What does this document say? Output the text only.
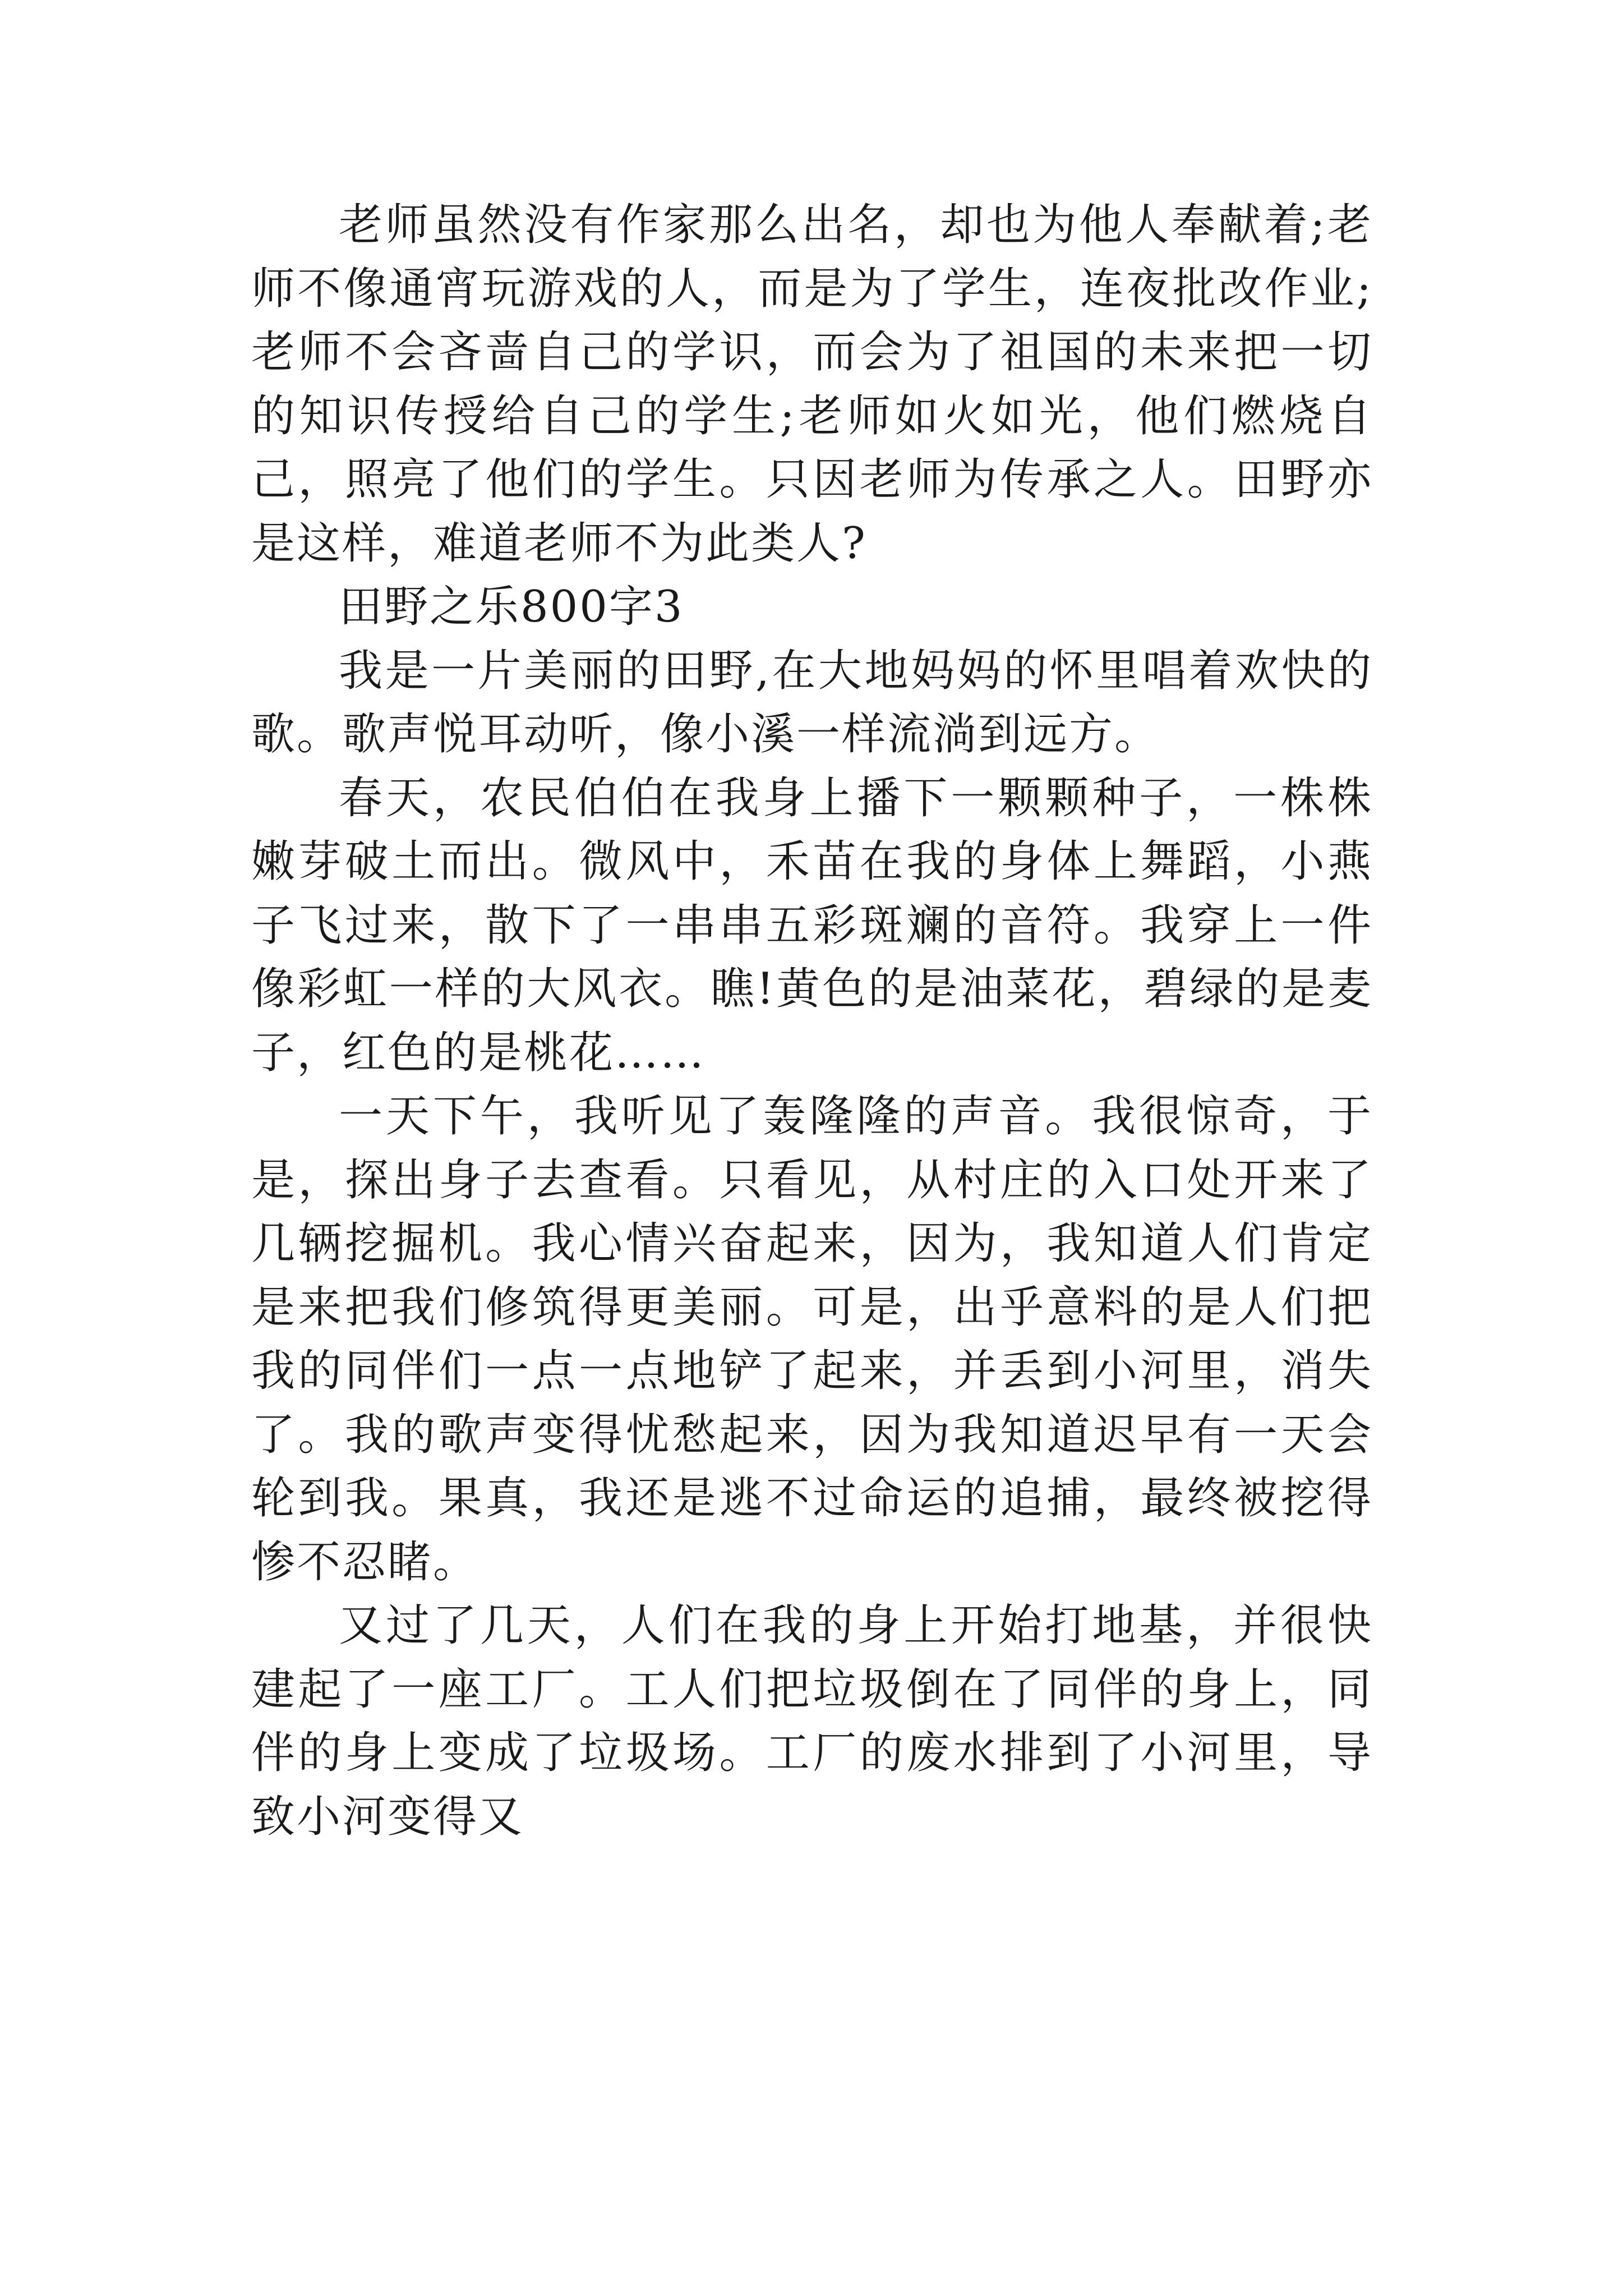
老师虽然没有作家那么出名，却也为他人奉献着;老师不像通宵玩游戏的人，而是为了学生，连夜批改作业;老师不会吝啬自己的学识，而会为了祖国的未来把一切的知识传授给自己的学生;老师如火如光，他们燃烧自己，照亮了他们的学生。只因老师为传承之人。田野亦是这样，难道老师不为此类人?

田野之乐800字3

我是一片美丽的田野,在大地妈妈的怀里唱着欢快的歌。歌声悦耳动听，像小溪一样流淌到远方。

春天，农民伯伯在我身上播下一颗颗种子，一株株嫩芽破土而出。微风中，禾苗在我的身体上舞蹈，小燕子飞过来，散下了一串串五彩斑斓的音符。我穿上一件像彩虹一样的大风衣。瞧!黄色的是油菜花，碧绿的是麦子，红色的是桃花……

一天下午，我听见了轰隆隆的声音。我很惊奇，于是，探出身子去查看。只看见，从村庄的入口处开来了几辆挖掘机。我心情兴奋起来，因为，我知道人们肯定是来把我们修筑得更美丽。可是，出乎意料的是人们把我的同伴们一点一点地铲了起来，并丢到小河里，消失了。我的歌声变得忧愁起来，因为我知道迟早有一天会轮到我。果真，我还是逃不过命运的追捕，最终被挖得惨不忍睹。

又过了几天，人们在我的身上开始打地基，并很快建起了一座工厂。工人们把垃圾倒在了同伴的身上，同伴的身上变成了垃圾场。工厂的废水排到了小河里，导致小河变得又
